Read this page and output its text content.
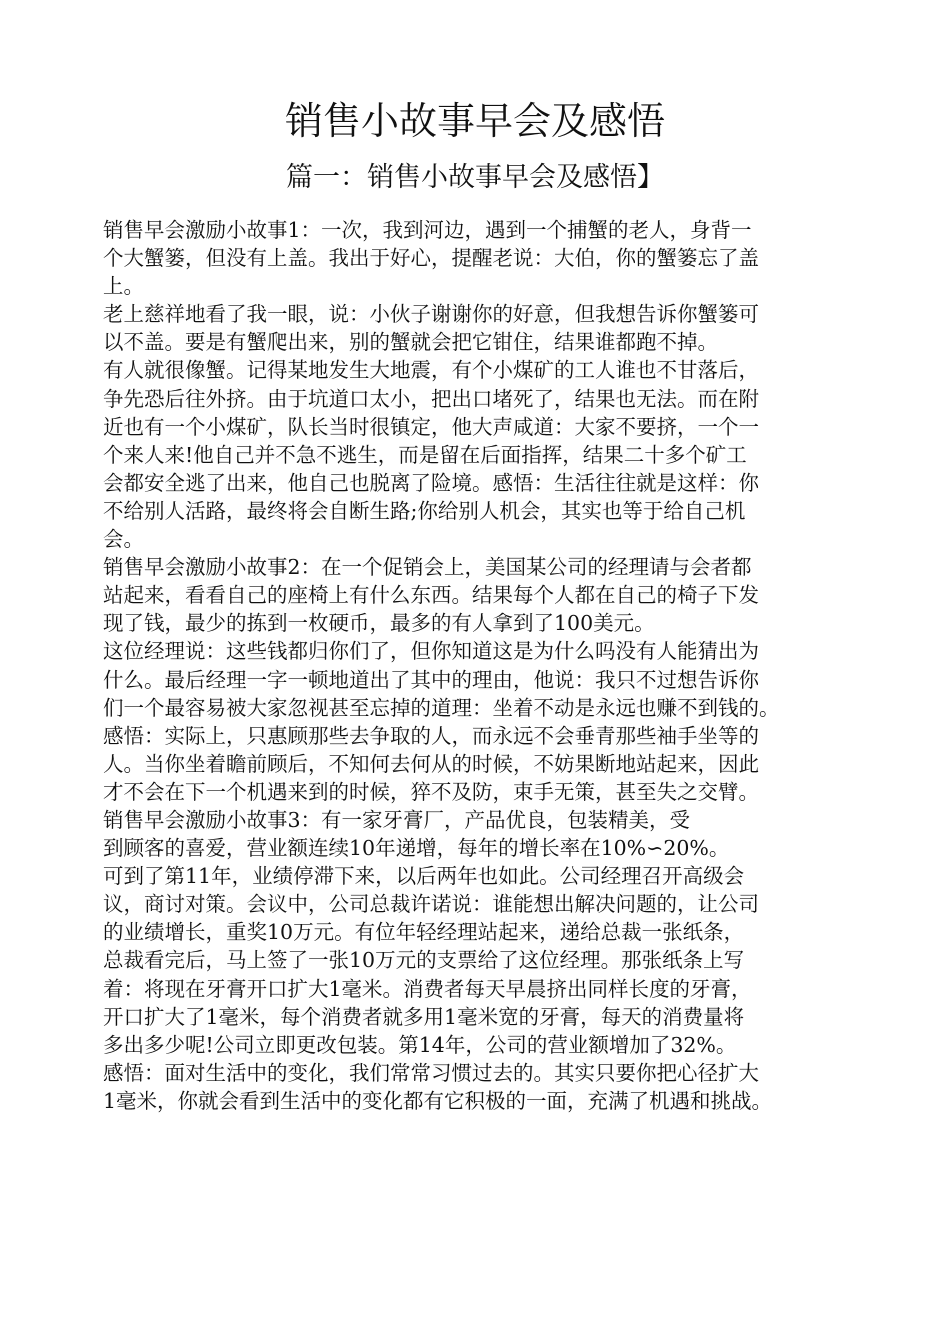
销售小故事早会及感悟
篇一：销售小故事早会及感悟】
销售早会激励小故事1：一次，我到河边，遇到一个捕蟹的老人，身背一
个大蟹篓，但没有上盖。我出于好心，提醒老说：大伯，你的蟹篓忘了盖
上。
老上慈祥地看了我一眼，说：小伙子谢谢你的好意，但我想告诉你蟹篓可
以不盖。要是有蟹爬出来，别的蟹就会把它钳住，结果谁都跑不掉。
有人就很像蟹。记得某地发生大地震，有个小煤矿的工人谁也不甘落后，
争先恐后往外挤。由于坑道口太小，把出口堵死了，结果也无法。而在附
近也有一个小煤矿，队长当时很镇定，他大声咸道：大家不要挤，一个一
个来人来!他自己并不急不逃生，而是留在后面指挥，结果二十多个矿工
会都安全逃了出来，他自己也脱离了险境。感悟：生活往往就是这样：你
不给别人活路，最终将会自断生路;你给别人机会，其实也等于给自己机
会。
销售早会激励小故事2：在一个促销会上，美国某公司的经理请与会者都
站起来，看看自己的座椅上有什么东西。结果每个人都在自己的椅子下发
现了钱，最少的拣到一枚硬币，最多的有人拿到了100美元。
这位经理说：这些钱都归你们了，但你知道这是为什么吗没有人能猜出为
什么。最后经理一字一顿地道出了其中的理由，他说：我只不过想告诉你
们一个最容易被大家忽视甚至忘掉的道理：坐着不动是永远也赚不到钱的。
感悟：实际上，只惠顾那些去争取的人，而永远不会垂青那些袖手坐等的
人。当你坐着瞻前顾后，不知何去何从的时候，不妨果断地站起来，因此
才不会在下一个机遇来到的时候，猝不及防，束手无策，甚至失之交臂。
销售早会激励小故事3：有一家牙膏厂，产品优良，包装精美，受
到顾客的喜爱，营业额连续10年递增，每年的增长率在10%∽20%。
可到了第11年，业绩停滞下来，以后两年也如此。公司经理召开高级会
议，商讨对策。会议中，公司总裁许诺说：谁能想出解决问题的，让公司
的业绩增长，重奖10万元。有位年轻经理站起来，递给总裁一张纸条，
总裁看完后，马上签了一张10万元的支票给了这位经理。那张纸条上写
着：将现在牙膏开口扩大1毫米。消费者每天早晨挤出同样长度的牙膏，
开口扩大了1毫米，每个消费者就多用1毫米宽的牙膏，每天的消费量将
多出多少呢!公司立即更改包装。第14年，公司的营业额增加了32%。
感悟：面对生活中的变化，我们常常习惯过去的。其实只要你把心径扩大
1毫米，你就会看到生活中的变化都有它积极的一面，充满了机遇和挑战。
